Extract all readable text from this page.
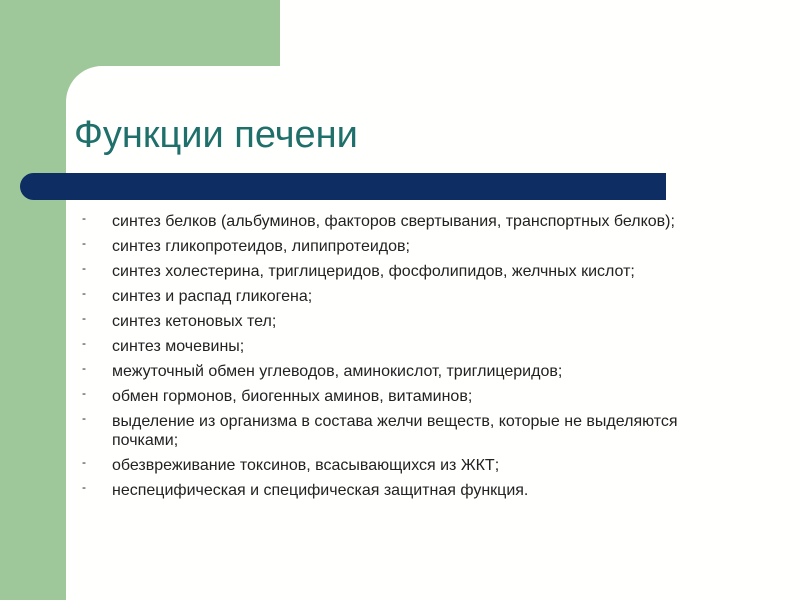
Функции печени
- синтез белков (альбуминов, факторов свертывания, транспортных белков);
- синтез гликопротеидов, липипротеидов;
- синтез холестерина, триглицеридов, фосфолипидов, желчных кислот;
- синтез и распад гликогена;
- синтез кетоновых тел;
- синтез мочевины;
- межуточный обмен углеводов, аминокислот, триглицеридов;
- обмен гормонов, биогенных аминов, витаминов;
- выделение из организма в состава желчи веществ, которые не выделяются почками;
- обезвреживание токсинов, всасывающихся из ЖКТ;
- неспецифическая и специфическая защитная функция.
